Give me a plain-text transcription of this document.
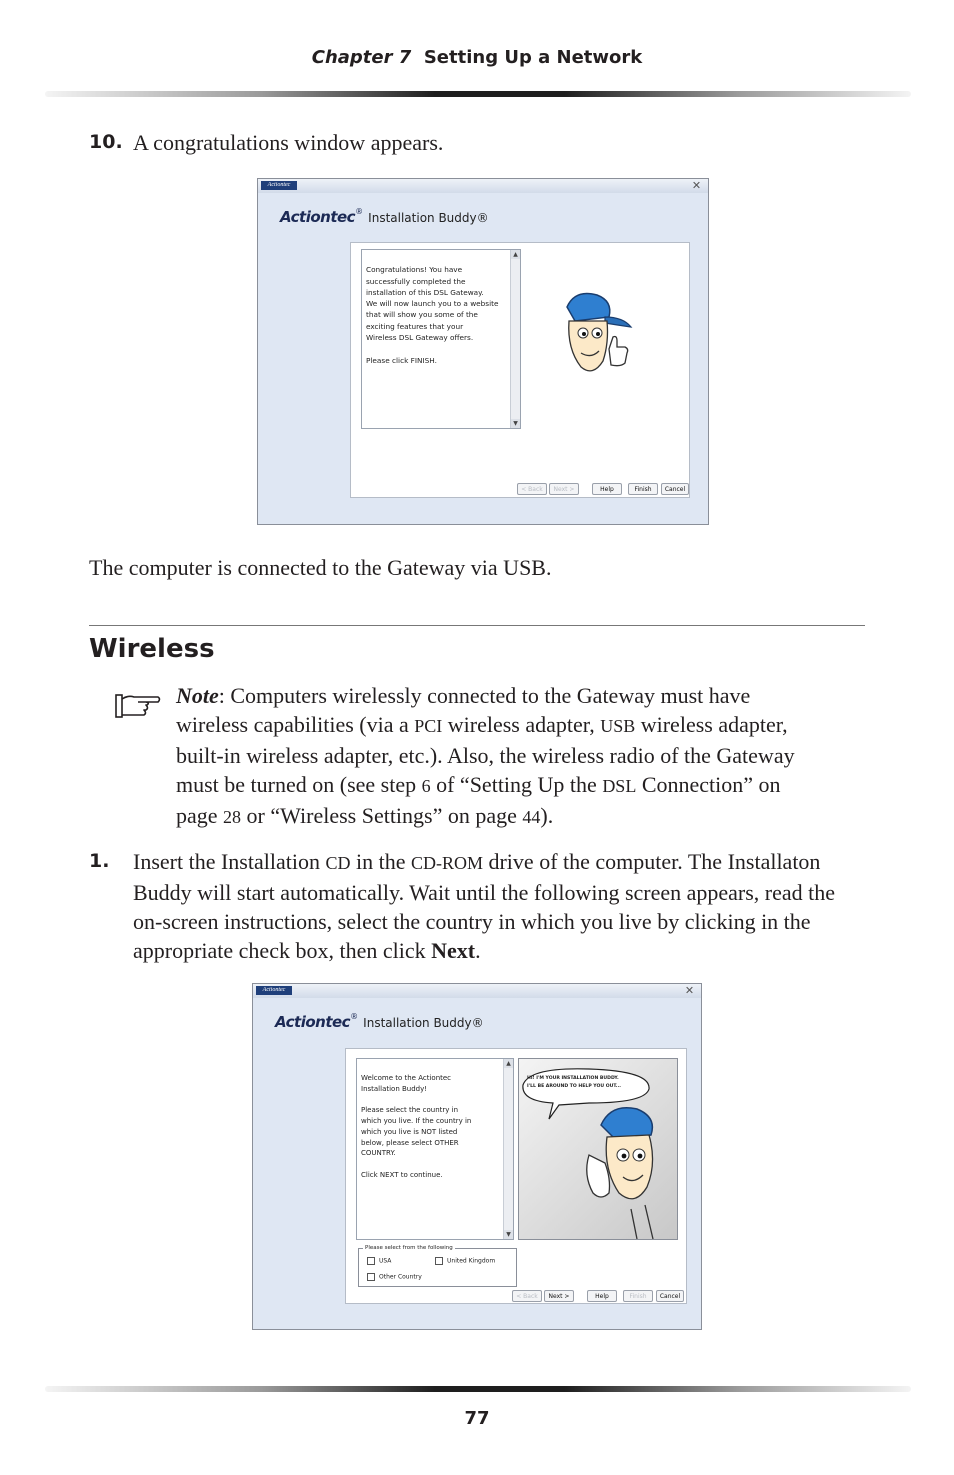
Chapter 7 Setting Up a Network
10. A congratulations window appears.
Actiontec	✕
Actiontec® Installation Buddy®

Congratulations! You have
successfully completed the
installation of this DSL Gateway.
We will now launch you to a website
that will show you some of the
exciting features that your
Wireless DSL Gateway offers.

Please click FINISH.

▲

▼

< Back	Next >	Help	Finish	Cancel
The computer is connected to the Gateway via USB.
Wireless
Note: Computers wirelessly connected to the Gateway must have wireless capabilities (via a PCI wireless adapter, USB wireless adapter, built-in wireless adapter, etc.). Also, the wireless radio of the Gateway must be turned on (see step 6 of “Setting Up the DSL Connection” on page 28 or “Wireless Settings” on page 44).
1. Insert the Installation CD in the CD-ROM drive of the computer. The Installaton Buddy will start automatically. Wait until the following screen appears, read the on-screen instructions, select the country in which you live by clicking in the appropriate check box, then click Next.
Actiontec	✕
Actiontec® Installation Buddy®

Welcome to the Actiontec
Installation Buddy!

Please select the country in
which you live. If the country in
which you live is NOT listed
below, please select OTHER
COUNTRY.

Click NEXT to continue.

▲

▼

HI! I'M YOUR INSTALLATION BUDDY.
I'LL BE AROUND TO HELP YOU OUT...
Please select from the following
USA	United Kingdom
Other Country
< Back	Next >	Help	Finish	Cancel
77
